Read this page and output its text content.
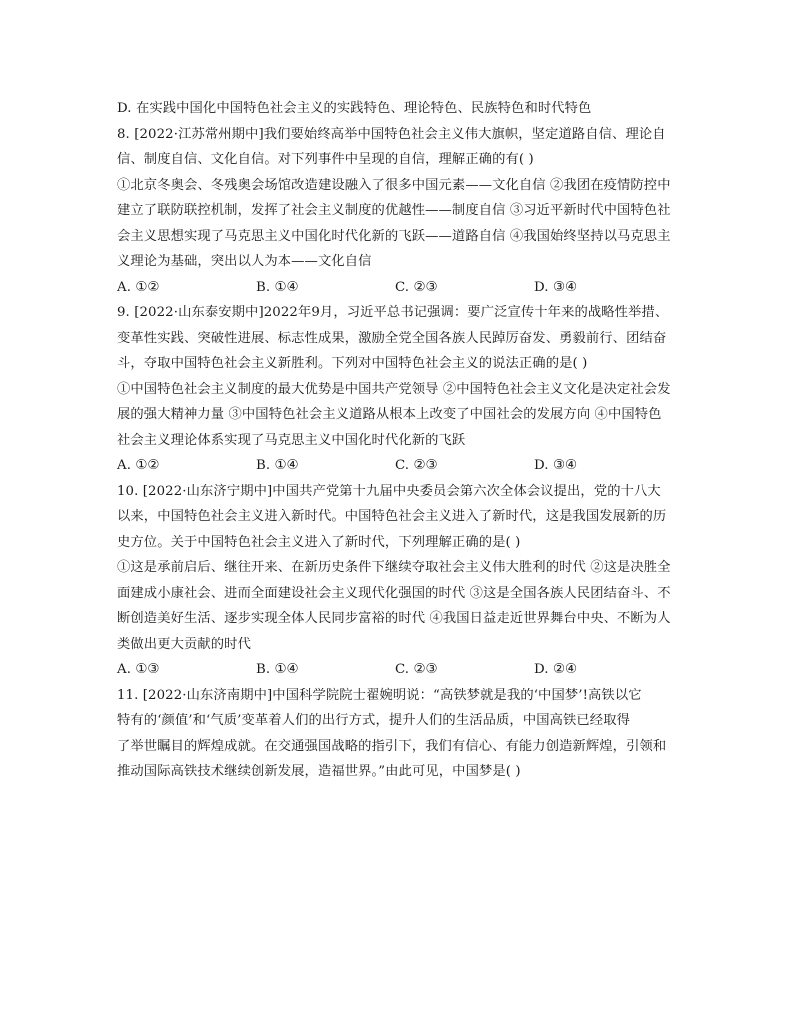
D. 在实践中国化中国特色社会主义的实践特色、理论特色、民族特色和时代特色
8. [2022·江苏常州期中]我们要始终高举中国特色社会主义伟大旗帜，坚定道路自信、理论自
信、制度自信、文化自信。对下列事件中呈现的自信，理解正确的有( )
①北京冬奥会、冬残奥会场馆改造建设融入了很多中国元素——文化自信 ②我团在疫情防控中
建立了联防联控机制，发挥了社会主义制度的优越性——制度自信 ③习近平新时代中国特色社
会主义思想实现了马克思主义中国化时代化新的飞跃——道路自信 ④我国始终坚持以马克思主
义理论为基础，突出以人为本——文化自信
A. ①②	B. ①④	C. ②③	D. ③④
9. [2022·山东泰安期中]2022年9月，习近平总书记强调：要广泛宣传十年来的战略性举措、
变革性实践、突破性进展、标志性成果，激励全党全国各族人民踔厉奋发、勇毅前行、团结奋
斗，夺取中国特色社会主义新胜利。下列对中国特色社会主义的说法正确的是( )
①中国特色社会主义制度的最大优势是中国共产党领导 ②中国特色社会主义文化是决定社会发
展的强大精神力量 ③中国特色社会主义道路从根本上改变了中国社会的发展方向 ④中国特色
社会主义理论体系实现了马克思主义中国化时代化新的飞跃
A. ①②	B. ①④	C. ②③	D. ③④
10. [2022·山东济宁期中]中国共产党第十九届中央委员会第六次全体会议提出，党的十八大
以来，中国特色社会主义进入新时代。中国特色社会主义进入了新时代，这是我国发展新的历
史方位。关于中国特色社会主义进入了新时代，下列理解正确的是( )
①这是承前启后、继往开来、在新历史条件下继续夺取社会主义伟大胜利的时代 ②这是决胜全
面建成小康社会、进而全面建设社会主义现代化强国的时代 ③这是全国各族人民团结奋斗、不
断创造美好生活、逐步实现全体人民同步富裕的时代 ④我国日益走近世界舞台中央、不断为人
类做出更大贡献的时代
A. ①③	B. ①④	C. ②③	D. ②④
11. [2022·山东济南期中]中国科学院院士翟婉明说：“高铁梦就是我的‘中国梦’!高铁以它
特有的‘颜值’和‘气质’变革着人们的出行方式，提升人们的生活品质，中国高铁已经取得
了举世瞩目的辉煌成就。在交通强国战略的指引下，我们有信心、有能力创造新辉煌，引领和
推动国际高铁技术继续创新发展，造福世界。”由此可见，中国梦是( )
